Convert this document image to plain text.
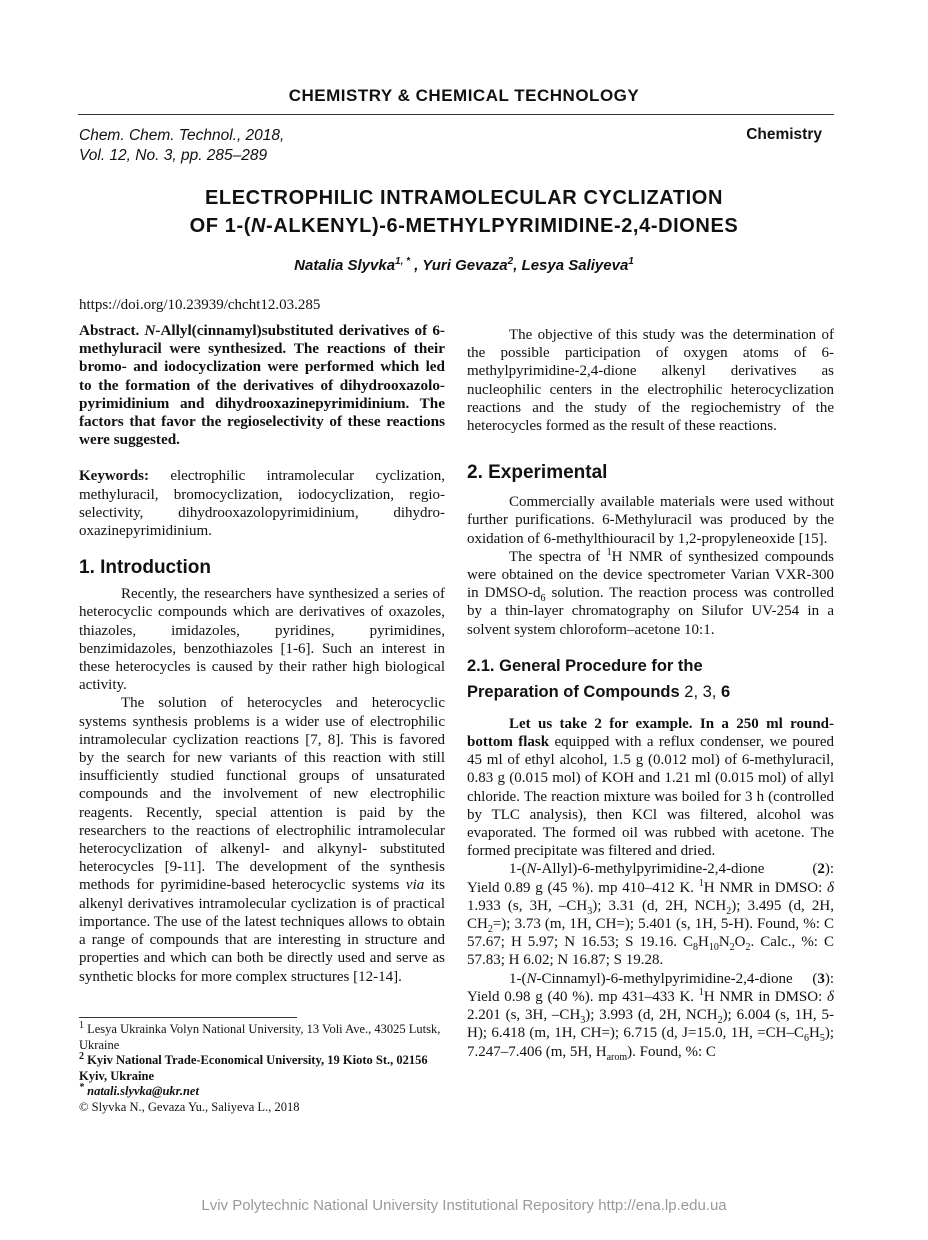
CHEMISTRY & CHEMICAL TECHNOLOGY
Chem. Chem. Technol., 2018,
Vol. 12, No. 3, pp. 285–289
Chemistry
ELECTROPHILIC INTRAMOLECULAR CYCLIZATION
OF 1-(N-ALKENYL)-6-METHYLPYRIMIDINE-2,4-DIONES
Natalia Slyvka$^{1, *}$ , Yuri Gevaza$^2$, Lesya Saliyeva$^1$
https://doi.org/10.23939/chcht12.03.285

Abstract. N-Allyl(cinnamyl)substituted derivatives of 6-methyluracil were synthesized. The reactions of their bromo- and iodocyclization were performed which led to the formation of the derivatives of dihydrooxazolo-pyrimidinium and dihydrooxazinepyrimidinium. The factors that favor the regioselectivity of these reactions were suggested.

Keywords: electrophilic intramolecular cyclization, methyluracil, bromocyclization, iodocyclization, regio-selectivity, dihydrooxazolopyrimidinium, dihydro-oxazinepyrimidinium.

1. Introduction

Recently, the researchers have synthesized a series of heterocyclic compounds which are derivatives of oxazoles, thiazoles, imidazoles, pyridines, pyrimidines, benzimidazoles, benzothiazoles [1-6]. Such an interest in these heterocycles is caused by their rather high biological activity.

The solution of heterocycles and heterocyclic systems synthesis problems is a wider use of electrophilic intramolecular cyclization reactions [7, 8]. This is favored by the search for new variants of this reaction with still insufficiently studied functional groups of unsaturated compounds and the involvement of new electrophilic reagents. Recently, special attention is paid by the researchers to the reactions of electrophilic intramolecular heterocyclization of alkenyl- and alkynyl- substituted heterocycles [9-11]. The development of the synthesis methods for pyrimidine-based heterocyclic systems via its alkenyl derivatives intramolecular cyclization is of practical importance. The use of the latest techniques allows to obtain a range of compounds that are interesting in structure and properties and which can both be directly used and serve as synthetic blocks for more complex structures [12-14].

$^1$ Lesya Ukrainka Volyn National University, 13 Voli Ave., 43025 Lutsk, Ukraine
$^2$ Kyiv National Trade-Economical University, 19 Kioto St., 02156 Kyiv, Ukraine
* natali.slyvka@ukr.net
© Slyvka N., Gevaza Yu., Saliyeva L., 2018

The objective of this study was the determination of the possible participation of oxygen atoms of 6-methylpyrimidine-2,4-dione alkenyl derivatives as nucleophilic centers in the electrophilic heterocyclization reactions and the study of the regiochemistry of the heterocycles formed as the result of these reactions.

2. Experimental

Commercially available materials were used without further purifications. 6-Methyluracil was produced by the oxidation of 6-methylthiouracil by 1,2-propyleneoxide [15].

The spectra of $^1$H NMR of synthesized compounds were obtained on the device spectrometer Varian VXR-300 in DMSO-$d_6$ solution. The reaction process was controlled by a thin-layer chromatography on Silufor UV-254 in a solvent system chloroform–acetone 10:1.

2.1. General Procedure for the
Preparation of Compounds 2, 3, 6

Let us take 2 for example. In a 250 ml round-bottom flask equipped with a reflux condenser, we poured 45 ml of ethyl alcohol, 1.5 g (0.012 mol) of 6-methyluracil, 0.83 g (0.015 mol) of KOH and 1.21 ml (0.015 mol) of allyl chloride. The reaction mixture was boiled for 3 h (controlled by TLC analysis), then KCl was filtered, alcohol was evaporated. The formed oil was rubbed with acetone. The formed precipitate was filtered and dried.

1-(N-Allyl)-6-methylpyrimidine-2,4-dione       (2): Yield 0.89 g (45 %). mp 410–412 K. $^1$H NMR in DMSO: δ 1.933 (s, 3H, $-CH_3$); 3.31 (d, 2H, $NCH_2$); 3.495 (d, 2H, $CH_2=$); 3.73 (m, 1H, CH=); 5.401 (s, 1H, 5-H). Found, %: C 57.67; H 5.97; N 16.53; S 19.16. $C_8H_{10}N_2O_2$. Calc., %: C 57.83; H 6.02; N 16.87; S 19.28.

1-(N-Cinnamyl)-6-methylpyrimidine-2,4-dione (3): Yield 0.98 g (40 %). mp 431–433 K. $^1$H NMR in DMSO: δ 2.201 (s, 3H, $-CH_3$); 3.993 (d, 2H, $NCH_2$); 6.004 (s, 1H, 5-H); 6.418 (m, 1H, CH=); 6.715 (d, J=15.0, 1H, $=CH-C_6H_5$); 7.247–7.406 (m, 5H, $H_{arom}$). Found, %: C

Lviv Polytechnic National University Institutional Repository http://ena.lp.edu.ua
